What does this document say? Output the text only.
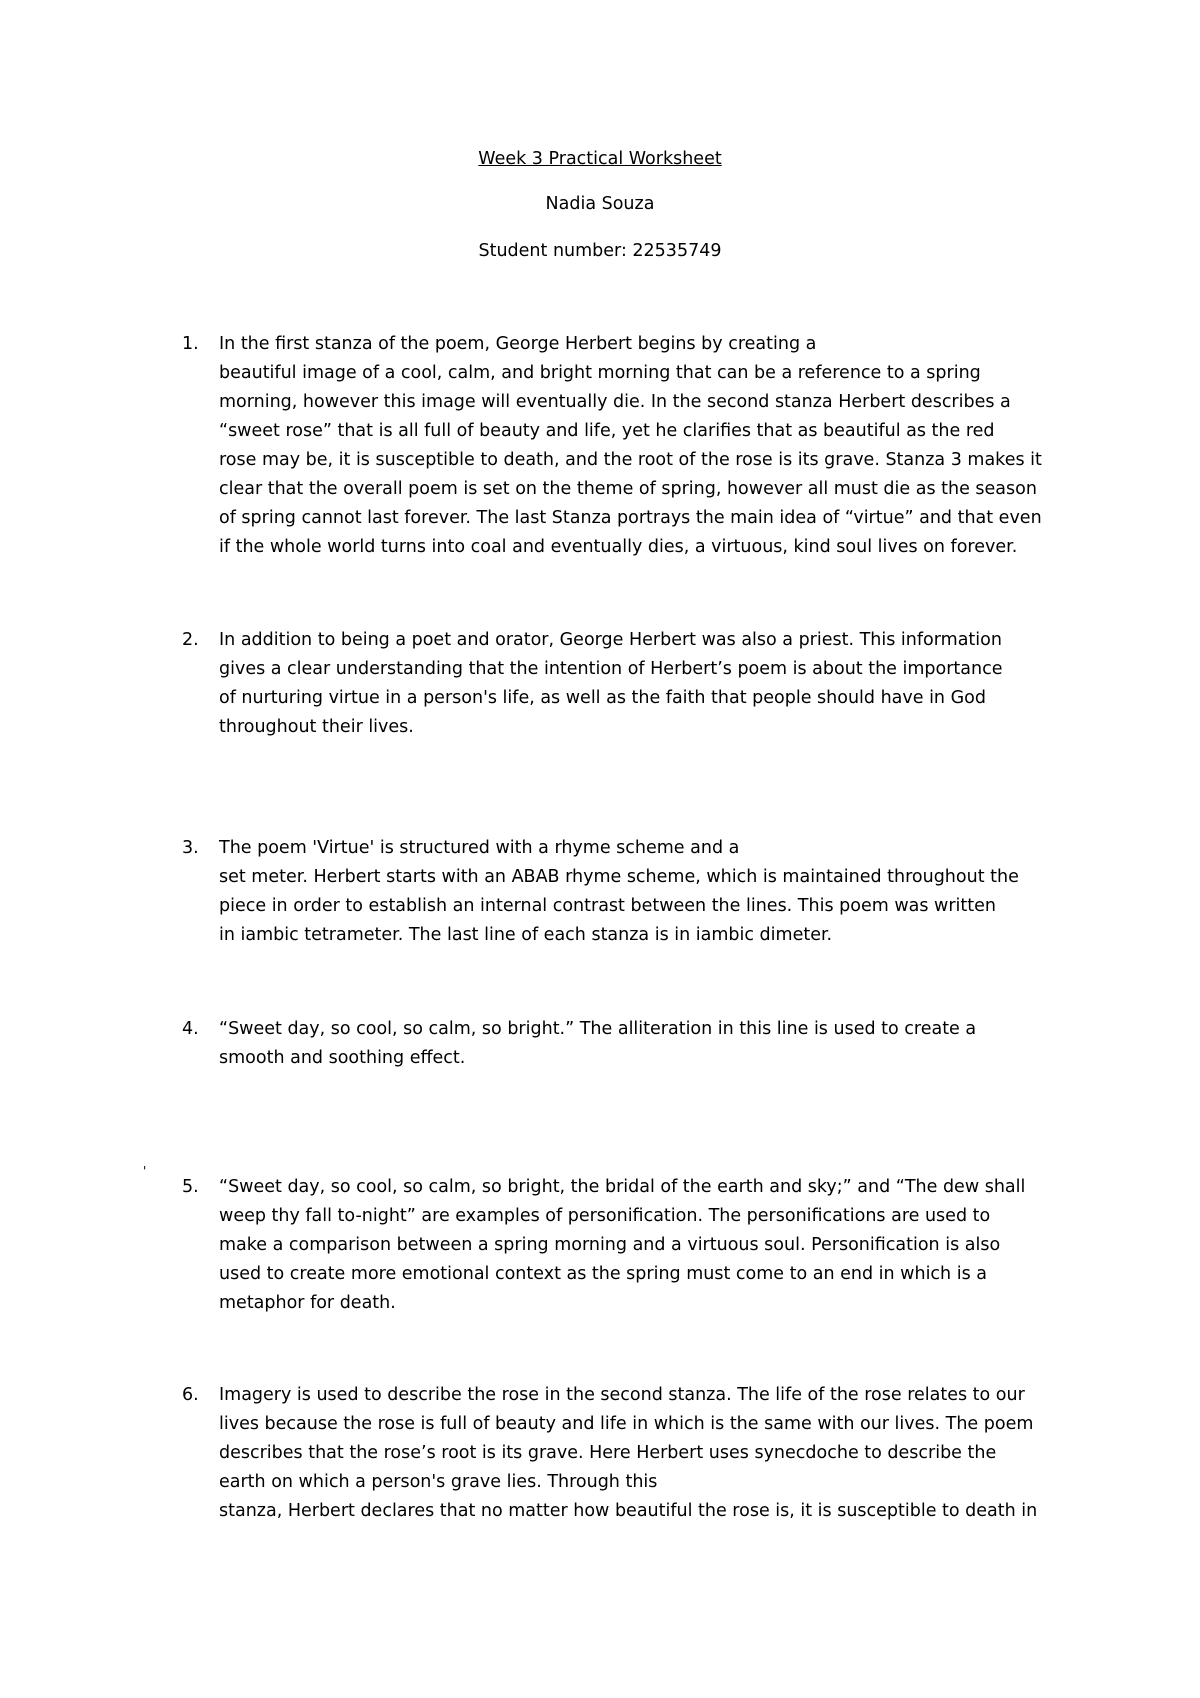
Week 3 Practical Worksheet
Nadia Souza
Student number: 22535749
1. In the first stanza of the poem, George Herbert begins by creating a
beautiful image of a cool, calm, and bright morning that can be a reference to a spring
morning, however this image will eventually die. In the second stanza Herbert describes a
“sweet rose” that is all full of beauty and life, yet he clarifies that as beautiful as the red
rose may be, it is susceptible to death, and the root of the rose is its grave. Stanza 3 makes it
clear that the overall poem is set on the theme of spring, however all must die as the season
of spring cannot last forever. The last Stanza portrays the main idea of “virtue” and that even
if the whole world turns into coal and eventually dies, a virtuous, kind soul lives on forever.
2. In addition to being a poet and orator, George Herbert was also a priest. This information
gives a clear understanding that the intention of Herbert’s poem is about the importance
of nurturing virtue in a person's life, as well as the faith that people should have in God
throughout their lives.
3. The poem 'Virtue' is structured with a rhyme scheme and a
set meter. Herbert starts with an ABAB rhyme scheme, which is maintained throughout the
piece in order to establish an internal contrast between the lines. This poem was written
in iambic tetrameter. The last line of each stanza is in iambic dimeter.
4. “Sweet day, so cool, so calm, so bright.” The alliteration in this line is used to create a
smooth and soothing effect.
'
5. “Sweet day, so cool, so calm, so bright, the bridal of the earth and sky;” and “The dew shall
weep thy fall to-night” are examples of personification. The personifications are used to
make a comparison between a spring morning and a virtuous soul. Personification is also
used to create more emotional context as the spring must come to an end in which is a
metaphor for death.
6. Imagery is used to describe the rose in the second stanza. The life of the rose relates to our
lives because the rose is full of beauty and life in which is the same with our lives. The poem
describes that the rose’s root is its grave. Here Herbert uses synecdoche to describe the
earth on which a person's grave lies. Through this
stanza, Herbert declares that no matter how beautiful the rose is, it is susceptible to death in
